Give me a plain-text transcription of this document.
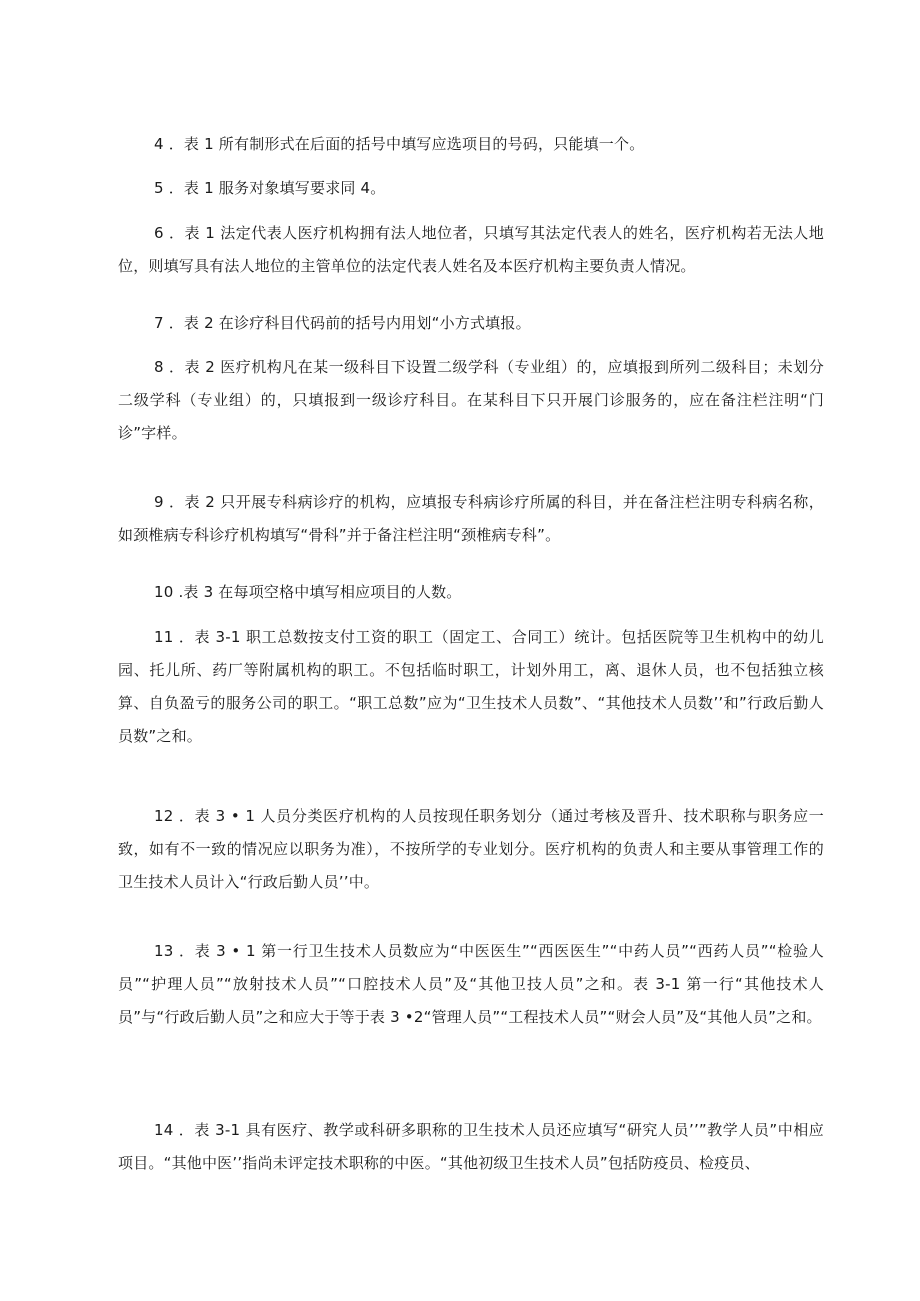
4 ．表 1 所有制形式在后面的括号中填写应选项目的号码，只能填一个。

5 ．表 1 服务对象填写要求同 4。

6 ．表 1 法定代表人医疗机构拥有法人地位者，只填写其法定代表人的姓名，医疗机构若无法人地位，则填写具有法人地位的主管单位的法定代表人姓名及本医疗机构主要负责人情况。

7 ．表 2 在诊疗科目代码前的括号内用划“小方式填报。

8 ．表 2 医疗机构凡在某一级科目下设置二级学科（专业组）的，应填报到所列二级科目；未划分二级学科（专业组）的，只填报到一级诊疗科目。在某科目下只开展门诊服务的，应在备注栏注明“门诊”字样。

9 ．表 2 只开展专科病诊疗的机构，应填报专科病诊疗所属的科目，并在备注栏注明专科病名称，如颈椎病专科诊疗机构填写“骨科”并于备注栏注明“颈椎病专科”。

10 .表 3 在每项空格中填写相应项目的人数。

11 ．表 3-1 职工总数按支付工资的职工（固定工、合同工）统计。包括医院等卫生机构中的幼儿园、托儿所、药厂等附属机构的职工。不包括临时职工，计划外用工，离、退休人员，也不包括独立核算、自负盈亏的服务公司的职工。“职工总数”应为“卫生技术人员数”、“其他技术人员数’’和”行政后勤人员数”之和。

12 ．表 3 • 1 人员分类医疗机构的人员按现任职务划分（通过考核及晋升、技术职称与职务应一致，如有不一致的情况应以职务为准），不按所学的专业划分。医疗机构的负责人和主要从事管理工作的卫生技术人员计入“行政后勤人员’’中。

13 ．表 3 • 1 第一行卫生技术人员数应为“中医医生”“西医医生”“中药人员”“西药人员”“检验人员”“护理人员”“放射技术人员”“口腔技术人员”及“其他卫技人员”之和。表 3-1 第一行“其他技术人员”与“行政后勤人员”之和应大于等于表 3 •2“管理人员”“工程技术人员”“财会人员”及“其他人员”之和。

14 ．表 3-1 具有医疗、教学或科研多职称的卫生技术人员还应填写“研究人员’’”教学人员”中相应项目。“其他中医’’指尚未评定技术职称的中医。“其他初级卫生技术人员”包括防疫员、检疫员、
